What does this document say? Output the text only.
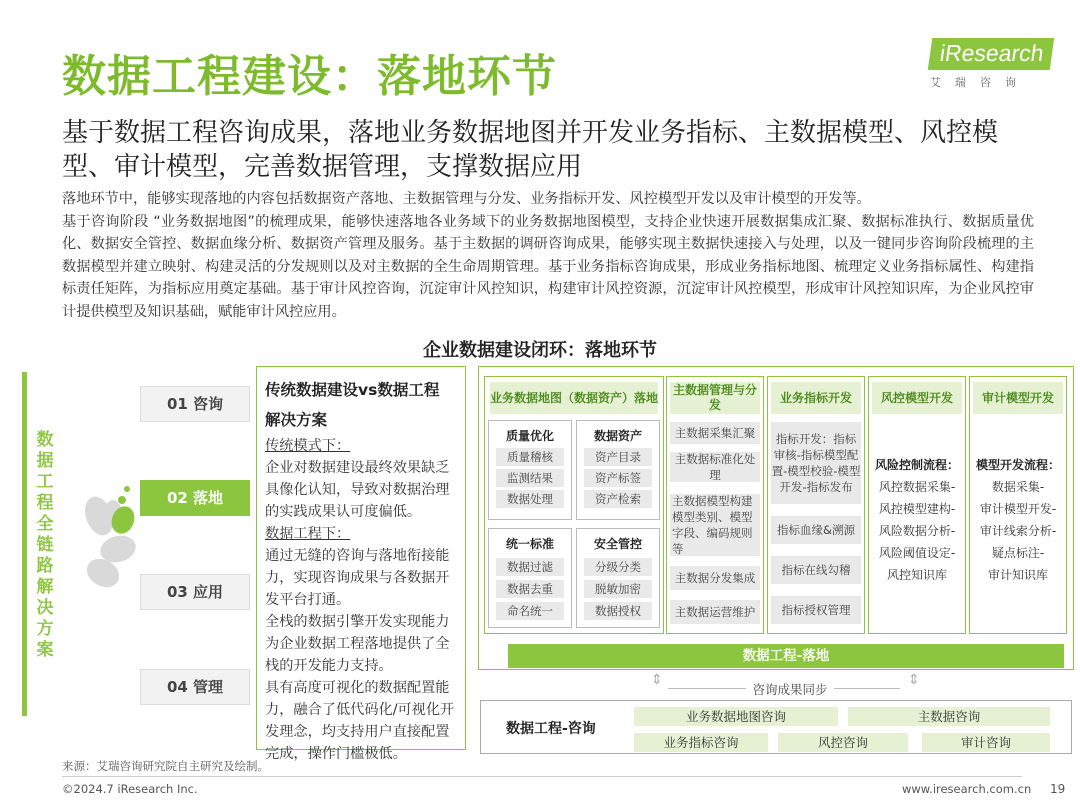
数据工程建设：落地环节	iResearch
艾瑞咨询
基于数据工程咨询成果，落地业务数据地图并开发业务指标、主数据模型、风控模型、审计模型，完善数据管理，支撑数据应用

落地环节中，能够实现落地的内容包括数据资产落地、主数据管理与分发、业务指标开发、风控模型开发以及审计模型的开发等。

基于咨询阶段 “业务数据地图”的梳理成果，能够快速落地各业务域下的业务数据地图模型，支持企业快速开展数据集成汇聚、数据标准执行、数据质量优化、数据安全管控、数据血缘分析、数据资产管理及服务。基于主数据的调研咨询成果，能够实现主数据快速接入与处理，以及一键同步咨询阶段梳理的主数据模型并建立映射、构建灵活的分发规则以及对主数据的全生命周期管理。基于业务指标咨询成果，形成业务指标地图、梳理定义业务指标属性、构建指标责任矩阵，为指标应用奠定基础。基于审计风控咨询，沉淀审计风控知识，构建审计风控资源，沉淀审计风控模型，形成审计风控知识库，为企业风控审计提供模型及知识基础，赋能审计风控应用。

企业数据建设闭环：落地环节
数据工程全链路解决方案
01 咨询
02 落地
03 应用
04 管理
传统数据建设vs数据工程
解决方案
传统模式下：
企业对数据建设最终效果缺乏具像化认知，导致对数据治理的实践成果认可度偏低。
数据工程下：
通过无缝的咨询与落地衔接能力，实现咨询成果与各数据开发平台打通。
全栈的数据引擎开发实现能力为企业数据工程落地提供了全栈的开发能力支持。
具有高度可视化的数据配置能力，融合了低代码化/可视化开发理念，均支持用户直接配置完成，操作门槛极低。
业务数据地图（数据资产）落地
质量优化
质量稽核
监测结果
数据处理
数据资产
资产目录
资产标签
资产检索
统一标准
数据过滤
数据去重
命名统一
安全管控
分级分类
脱敏加密
数据授权
主数据管理与分发
主数据采集汇聚
主数据标准化处理
主数据模型构建模型类别、模型字段、编码规则等
主数据分发集成
主数据运营维护
业务指标开发
指标开发：指标审核-指标模型配置-模型校验-模型开发-指标发布
指标血缘&溯源
指标在线勾稽
指标授权管理
风控模型开发
风险控制流程：
风控数据采集-
风控模型建构-
风险数据分析-
风险阈值设定-
风控知识库
审计模型开发
模型开发流程：
数据采集-
审计模型开发-
审计线索分析-
疑点标注-
审计知识库
数据工程-落地
⇕	⇕
咨询成果同步
数据工程-咨询
业务数据地图咨询	主数据咨询
业务指标咨询	风控咨询	审计咨询
来源：艾瑞咨询研究院自主研究及绘制。
©2024.7 iResearch Inc.	www.iresearch.com.cn 19
